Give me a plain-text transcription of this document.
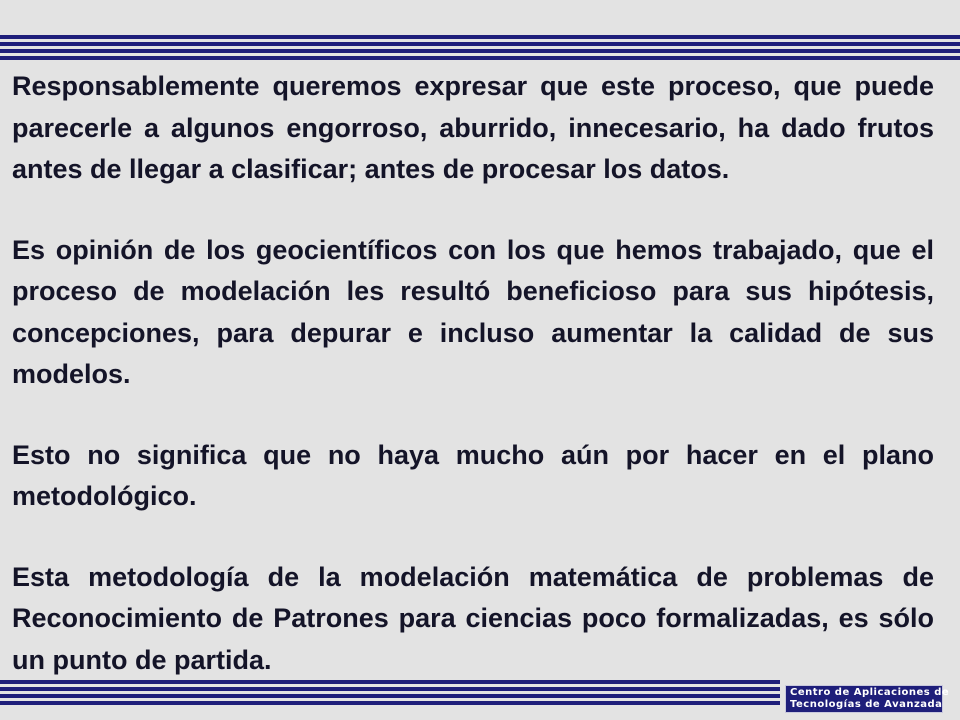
Responsablemente queremos expresar que este proceso, que puede parecerle a algunos engorroso, aburrido, innecesario, ha dado frutos antes de llegar a clasificar; antes de procesar los datos.

Es opinión de los geocientíficos con los que hemos trabajado, que el proceso de modelación les resultó beneficioso para sus hipótesis, concepciones, para depurar e incluso aumentar la calidad de sus modelos.

Esto no significa que no haya mucho aún por hacer en el plano metodológico.

Esta metodología de la modelación matemática de problemas de Reconocimiento de Patrones para ciencias poco formalizadas, es sólo un punto de partida.

Centro de Aplicaciones de
Tecnologías de Avanzada
